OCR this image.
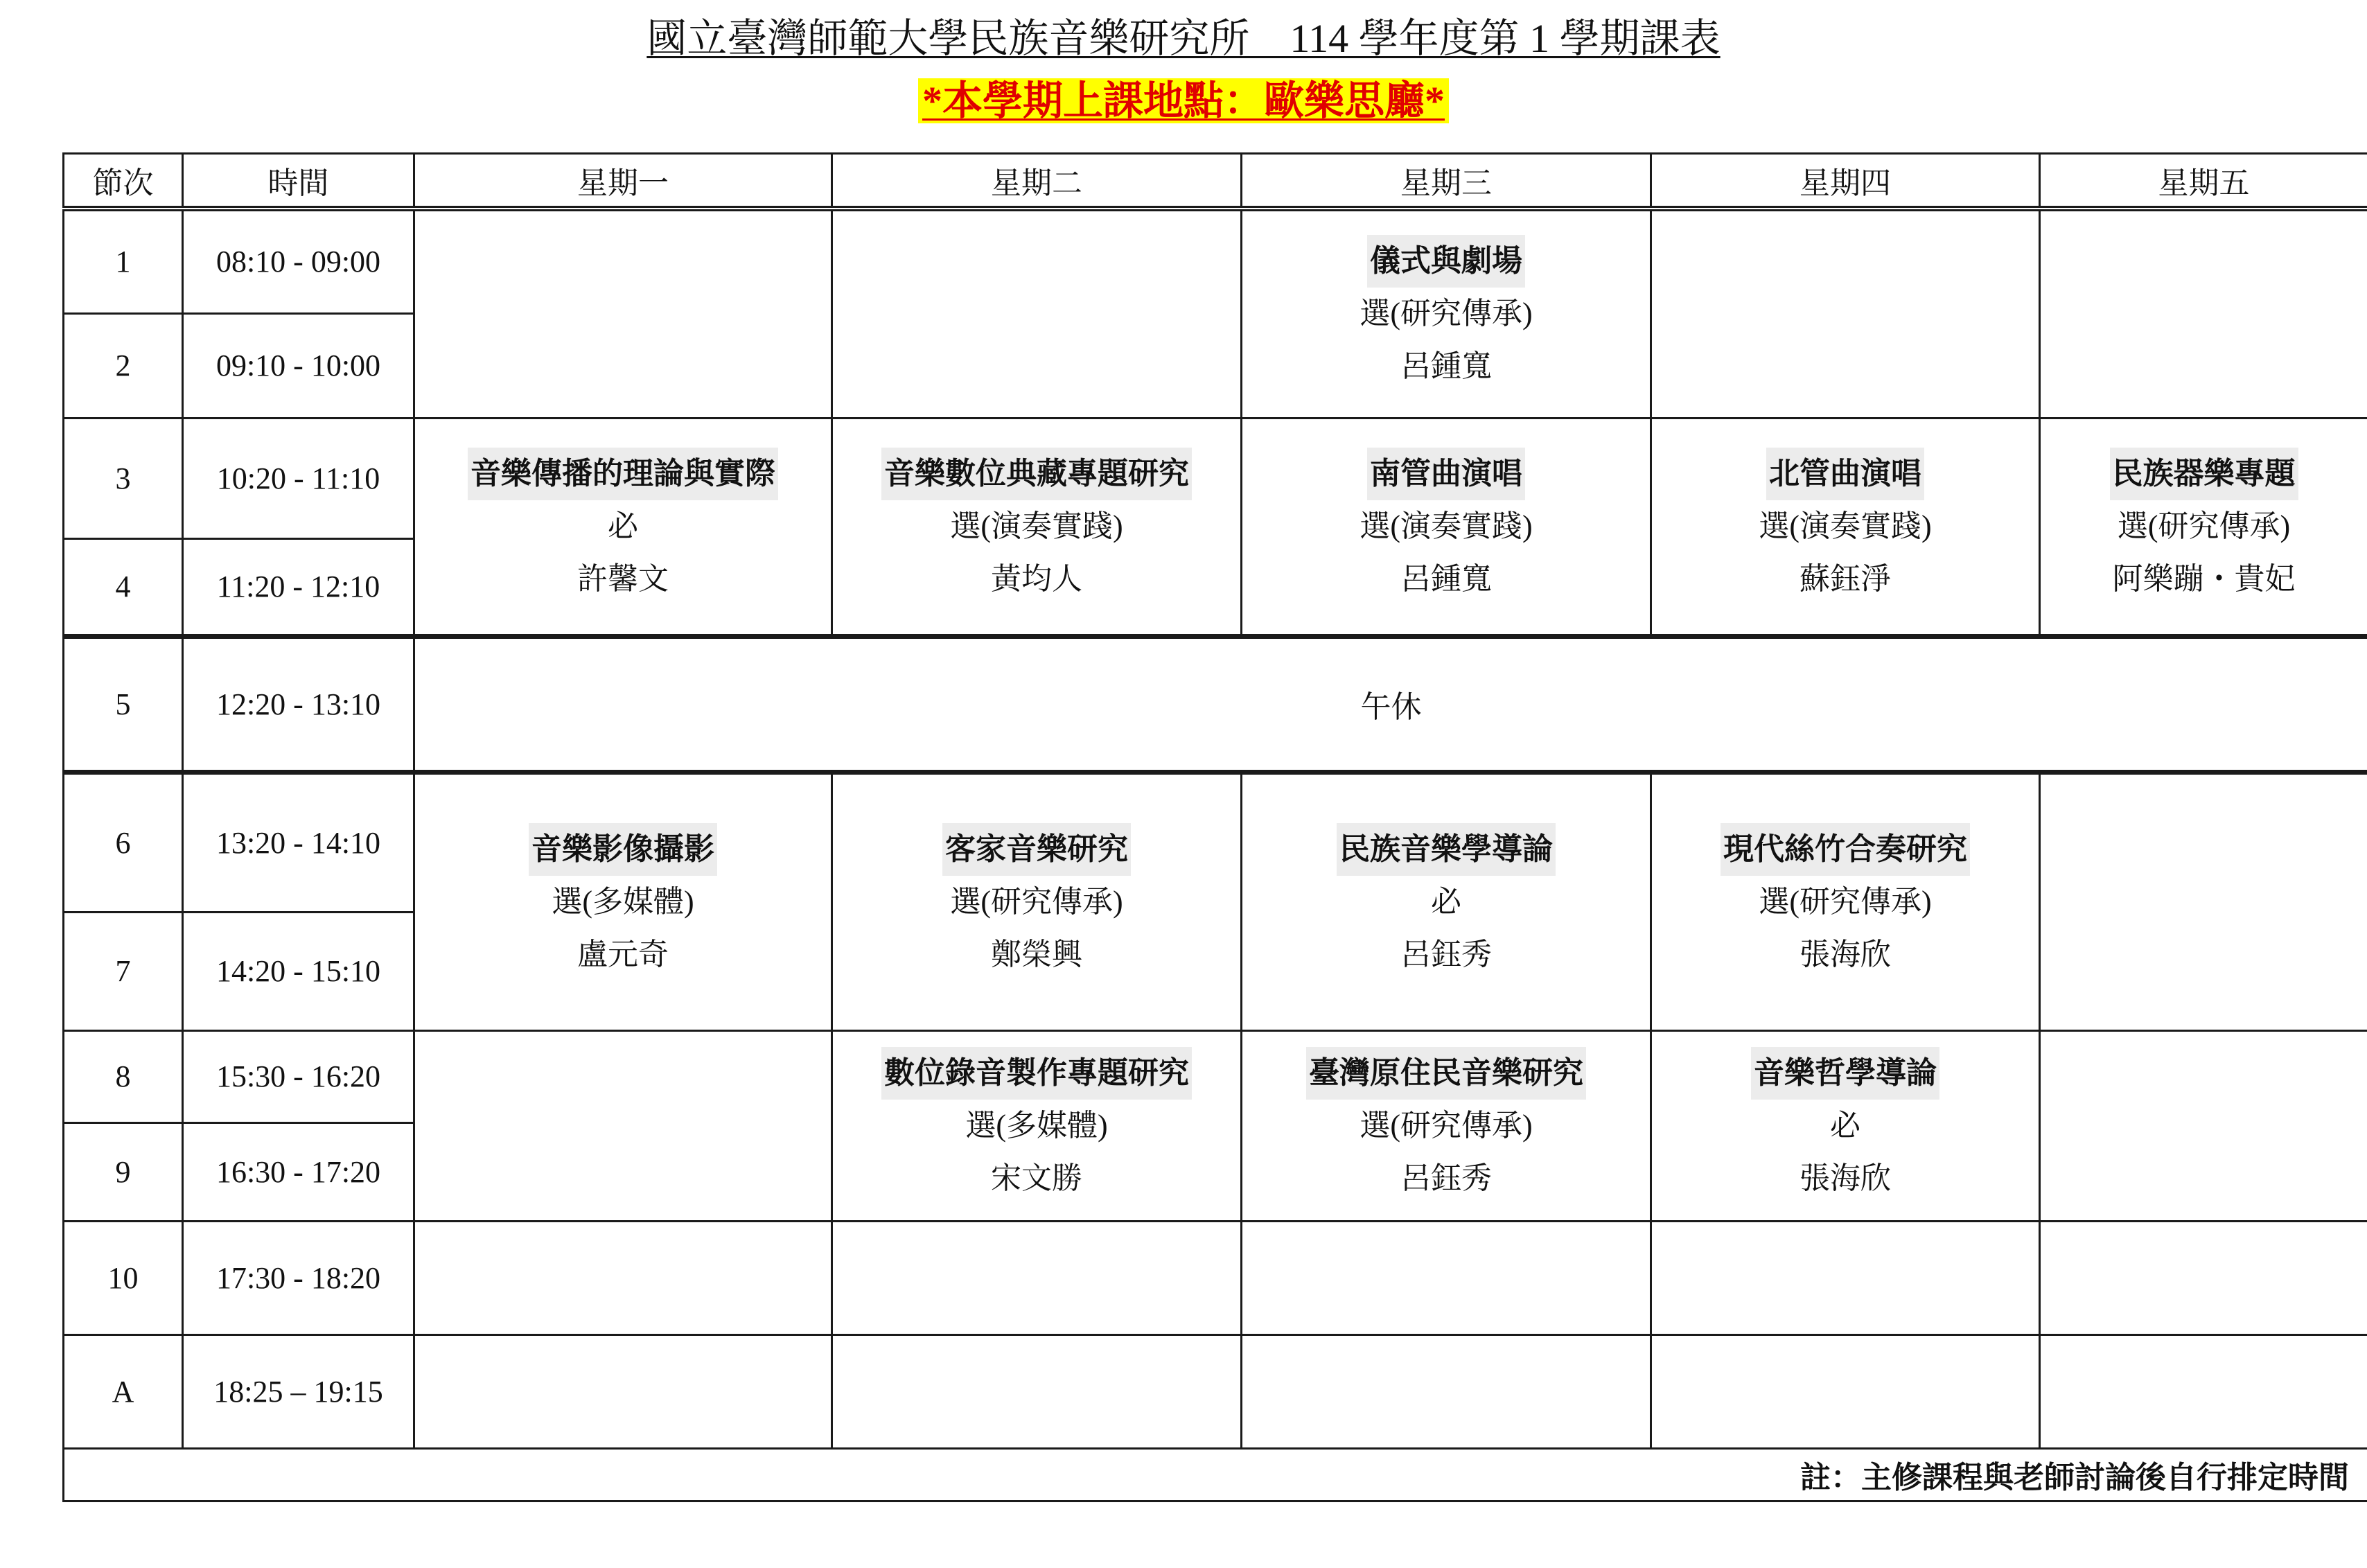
國立臺灣師範大學民族音樂研究所　114 學年度第 1 學期課表
*本學期上課地點：歐樂思廳*
節次	時間	星期一	星期二	星期三	星期四	星期五
1	08:10 - 09:00			儀式與劇場
選(研究傳承)
呂鍾寬		

2	09:10 - 10:00					
3	10:20 - 11:10	音樂傳播的理論與實際
必
許馨文	音樂數位典藏專題研究
選(演奏實踐)
黃均人	南管曲演唱
選(演奏實踐)
呂鍾寬	北管曲演唱
選(演奏實踐)
蘇鈺淨	民族器樂專題
選(研究傳承)
阿樂蹦・貴妃

4	11:20 - 12:10					
5	12:20 - 13:10	午休				
6	13:20 - 14:10	音樂影像攝影
選(多媒體)
盧元奇	客家音樂研究
選(研究傳承)
鄭榮興	民族音樂學導論
必
呂鈺秀	現代絲竹合奏研究
選(研究傳承)
張海欣	

7	14:20 - 15:10					
8	15:30 - 16:20		數位錄音製作專題研究
選(多媒體)
宋文勝	臺灣原住民音樂研究
選(研究傳承)
呂鈺秀	音樂哲學導論
必
張海欣	

9	16:30 - 17:20					
10	17:30 - 18:20					
A	18:25 – 19:15					
註：主修課程與老師討論後自行排定時間						
